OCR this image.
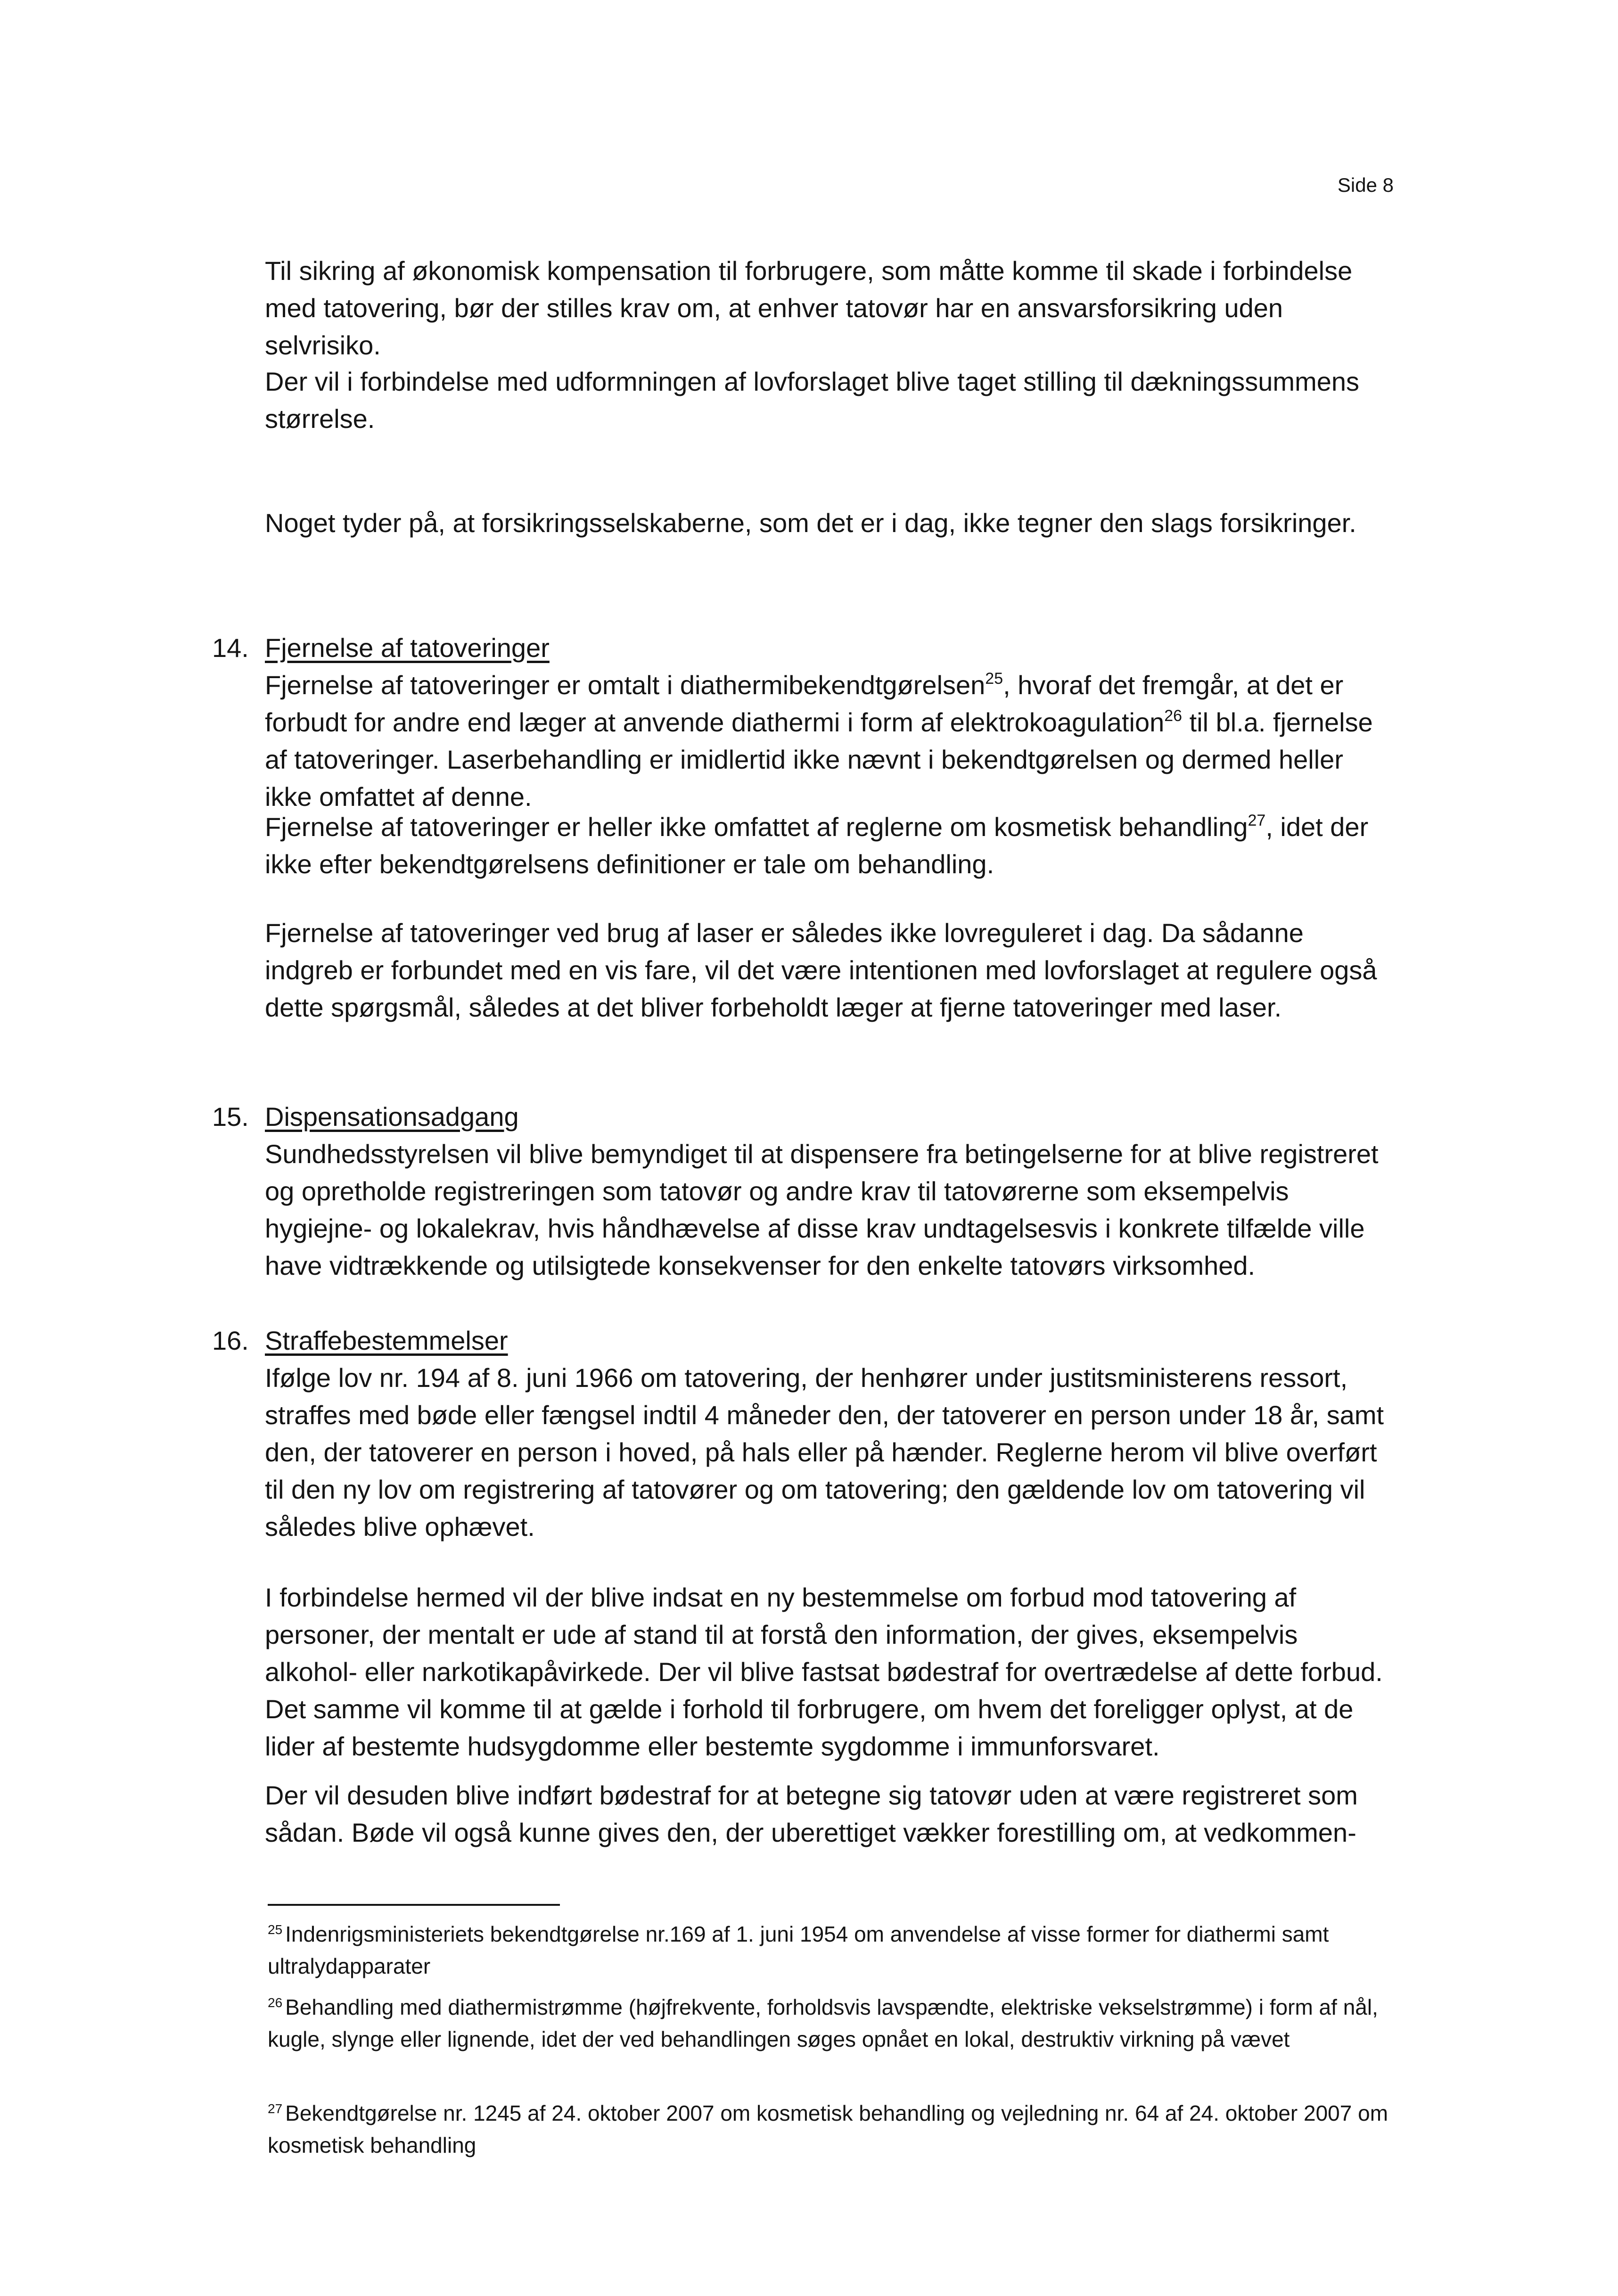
Side 8

Til sikring af økonomisk kompensation til forbrugere, som måtte komme til skade i forbindelse med tatovering, bør der stilles krav om, at enhver tatovør har en ansvarsforsikring uden selvrisiko.

Der vil i forbindelse med udformningen af lovforslaget blive taget stilling til dækningssummens størrelse.

Noget tyder på, at forsikringsselskaberne, som det er i dag, ikke tegner den slags forsikringer.

14. Fjernelse af tatoveringer

Fjernelse af tatoveringer er omtalt i diathermibekendtgørelsen$^{25}$, hvoraf det fremgår, at det er forbudt for andre end læger at anvende diathermi i form af elektrokoagulation$^{26}$ til bl.a. fjernelse af tatoveringer. Laserbehandling er imidlertid ikke nævnt i bekendtgørelsen og dermed heller ikke omfattet af denne.

Fjernelse af tatoveringer er heller ikke omfattet af reglerne om kosmetisk behandling$^{27}$, idet der ikke efter bekendtgørelsens definitioner er tale om behandling.

Fjernelse af tatoveringer ved brug af laser er således ikke lovreguleret i dag. Da sådanne indgreb er forbundet med en vis fare, vil det være intentionen med lovforslaget at regulere også dette spørgsmål, således at det bliver forbeholdt læger at fjerne tatoveringer med laser.

15. Dispensationsadgang

Sundhedsstyrelsen vil blive bemyndiget til at dispensere fra betingelserne for at blive registreret og opretholde registreringen som tatovør og andre krav til tatovørerne som eksempelvis hygiejne- og lokalekrav, hvis håndhævelse af disse krav undtagelsesvis i konkrete tilfælde ville have vidtrækkende og utilsigtede konsekvenser for den enkelte tatovørs virksomhed.

16. Straffebestemmelser

Ifølge lov nr. 194 af 8. juni 1966 om tatovering, der henhører under justitsministerens ressort, straffes med bøde eller fængsel indtil 4 måneder den, der tatoverer en person under 18 år, samt den, der tatoverer en person i hoved, på hals eller på hænder. Reglerne herom vil blive overført til den ny lov om registrering af tatovører og om tatovering; den gældende lov om tatovering vil således blive ophævet.

I forbindelse hermed vil der blive indsat en ny bestemmelse om forbud mod tatovering af personer, der mentalt er ude af stand til at forstå den information, der gives, eksempelvis alkohol- eller narkotikapåvirkede. Der vil blive fastsat bødestraf for overtrædelse af dette forbud. Det samme vil komme til at gælde i forhold til forbrugere, om hvem det foreligger oplyst, at de lider af bestemte hudsygdomme eller bestemte sygdomme i immunforsvaret.

Der vil desuden blive indført bødestraf for at betegne sig tatovør uden at være registreret som sådan. Bøde vil også kunne gives den, der uberettiget vækker forestilling om, at vedkommen-

$^{25}$ Indenrigsministeriets bekendtgørelse nr.169 af 1. juni 1954 om anvendelse af visse former for diathermi samt ultralydapparater

$^{26}$ Behandling med diathermistrømme (højfrekvente, forholdsvis lavspændte, elektriske vekselstrømme) i form af nål, kugle, slynge eller lignende, idet der ved behandlingen søges opnået en lokal, destruktiv virkning på vævet

$^{27}$ Bekendtgørelse nr. 1245 af 24. oktober 2007 om kosmetisk behandling og vejledning nr. 64 af 24. oktober 2007 om kosmetisk behandling
